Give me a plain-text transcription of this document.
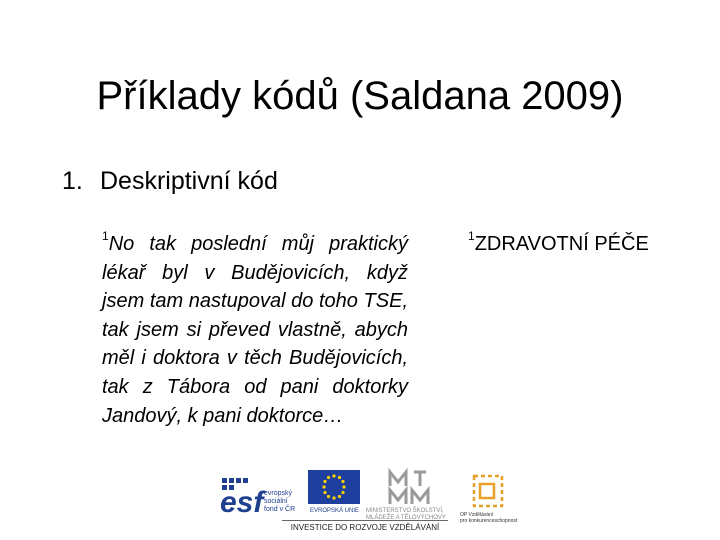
Příklady kódů (Saldana 2009)
1. Deskriptivní kód
$^1$No tak poslední můj praktický lékař byl v Budějovicích, když jsem tam nastupoval do toho TSE, tak jsem si převed vlastně, abych měl i doktora v těch Budějovicích, tak z Tábora od pani doktorky Jandový, k pani doktorce…
$^1$ZDRAVOTNÍ PÉČE
esf evropský
sociální
fond v ČR EVROPSKÁ UNIE MINISTERSTVO ŠKOLSTVÍ,
MLÁDEŽE A TĚLOVÝCHOVY	OP Vzdělávání
pro konkurenceschopnost
INVESTICE DO ROZVOJE VZDĚLÁVÁNÍ
